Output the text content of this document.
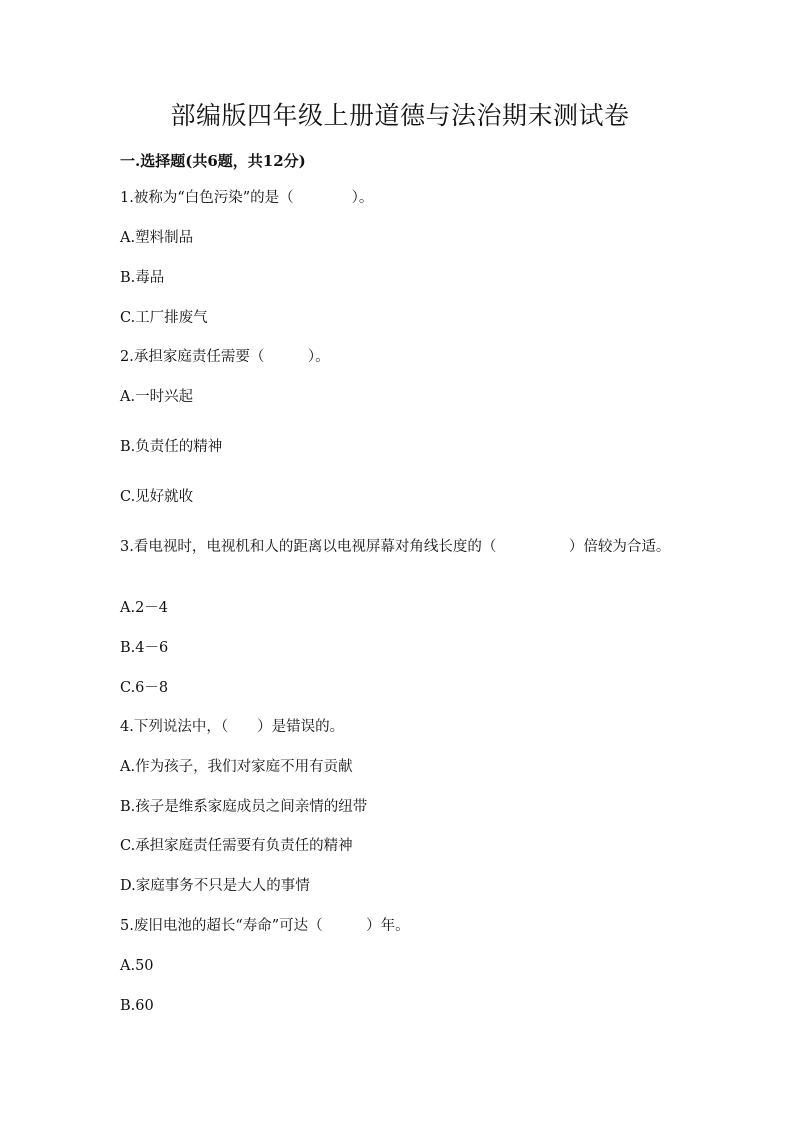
部编版四年级上册道德与法治期末测试卷

一.选择题(共6题，共12分)

1.被称为“白色污染”的是（　　　　）。

A.塑料制品

B.毒品

C.工厂排废气

2.承担家庭责任需要（　　　）。

A.一时兴起

B.负责任的精神

C.见好就收

3.看电视时，电视机和人的距离以电视屏幕对角线长度的（　　　　　）倍较为合适。

A.2－4

B.4－6

C.6－8

4.下列说法中，（　　）是错误的。

A.作为孩子，我们对家庭不用有贡献

B.孩子是维系家庭成员之间亲情的纽带

C.承担家庭责任需要有负责任的精神

D.家庭事务不只是大人的事情

5.废旧电池的超长“寿命”可达（　　　）年。

A.50

B.60
